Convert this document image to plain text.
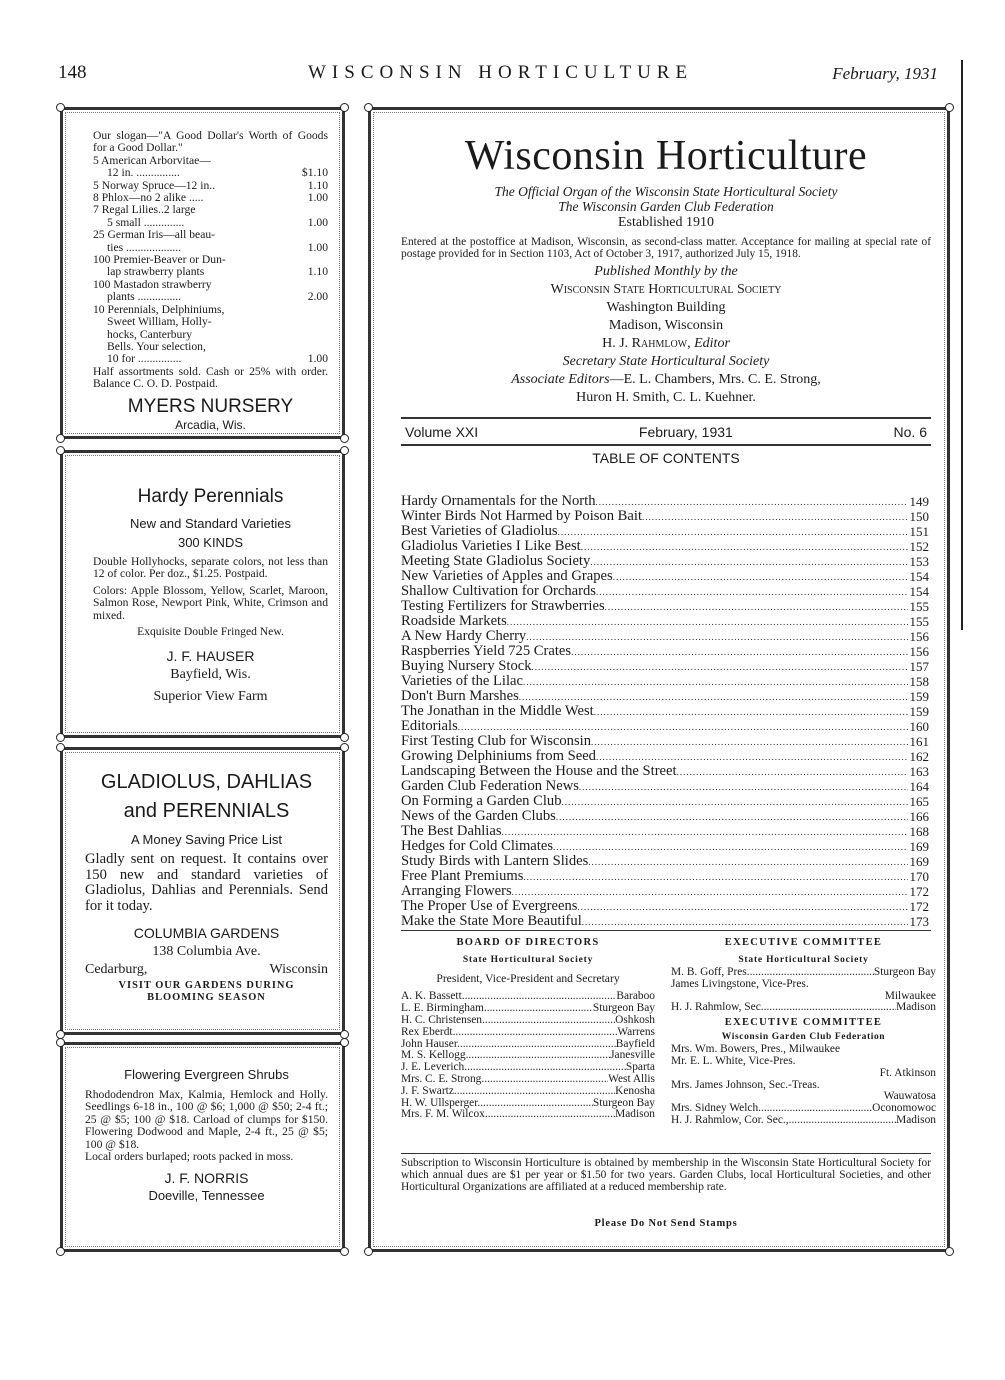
148	WISCONSIN HORTICULTURE	February, 1931
Our slogan—"A Good Dollar's Worth of Goods for a Good Dollar."
5 American Arborvitae—
12 in. ...............	$1.10
5 Norway Spruce—12 in..	1.10
8 Phlox—no 2 alike .....	1.00
7 Regal Lilies..2 large
5 small ..............	1.00
25 German Iris—all beau-
ties ...................	1.00
100 Premier-Beaver or Dun-
lap strawberry plants	1.10
100 Mastadon strawberry
plants ...............	2.00
10 Perennials, Delphiniums,
Sweet William, Holly-
hocks, Canterbury
Bells. Your selection,
10 for ...............	1.00
Half assortments sold. Cash or 25% with order. Balance C. O. D. Postpaid.
MYERS NURSERY
Arcadia, Wis.
Hardy Perennials
New and Standard Varieties
300 KINDS
Double Hollyhocks, separate colors, not less than 12 of color. Per doz., $1.25. Postpaid.
Colors: Apple Blossom, Yellow, Scarlet, Maroon, Salmon Rose, Newport Pink, White, Crimson and mixed.
Exquisite Double Fringed New.
J. F. HAUSER
Bayfield, Wis.
Superior View Farm
GLADIOLUS, DAHLIAS
and PERENNIALS
A Money Saving Price List
Gladly sent on request. It contains over 150 new and standard varieties of Gladiolus, Dahlias and Perennials. Send for it today.
COLUMBIA GARDENS
138 Columbia Ave.
Cedarburg,	Wisconsin
VISIT OUR GARDENS DURING BLOOMING SEASON
Flowering Evergreen Shrubs
Rhododendron Max, Kalmia, Hemlock and Holly. Seedlings 6-18 in., 100 @ $6; 1,000 @ $50; 2-4 ft.; 25 @ $5; 100 @ $18. Carload of clumps for $150. Flowering Dodwood and Maple, 2-4 ft., 25 @ $5; 100 @ $18.
Local orders burlaped; roots packed in moss.
J. F. NORRIS
Doeville, Tennessee
Wisconsin Horticulture
The Official Organ of the Wisconsin State Horticultural Society
The Wisconsin Garden Club Federation
Established 1910
Entered at the postoffice at Madison, Wisconsin, as second-class matter. Acceptance for mailing at special rate of postage provided for in Section 1103, Act of October 3, 1917, authorized July 15, 1918.
Published Monthly by the
Wisconsin State Horticultural Society
Washington Building
Madison, Wisconsin
H. J. Rahmlow, Editor
Secretary State Horticultural Society
Associate Editors—E. L. Chambers, Mrs. C. E. Strong,
Huron H. Smith, C. L. Kuehner.
Volume XXI	February, 1931	No. 6
TABLE OF CONTENTS
Hardy Ornamentals for the North .....	149
Winter Birds Not Harmed by Poison Bait .....	150
Best Varieties of Gladiolus .....	151
Gladiolus Varieties I Like Best .....	152
Meeting State Gladiolus Society .....	153
New Varieties of Apples and Grapes .....	154
Shallow Cultivation for Orchards .....	154
Testing Fertilizers for Strawberries .....	155
Roadside Markets .....	155
A New Hardy Cherry .....	156
Raspberries Yield 725 Crates .....	156
Buying Nursery Stock .....	157
Varieties of the Lilac .....	158
Don't Burn Marshes .....	159
The Jonathan in the Middle West .....	159
Editorials .....	160
First Testing Club for Wisconsin .....	161
Growing Delphiniums from Seed .....	162
Landscaping Between the House and the Street .....	163
Garden Club Federation News .....	164
On Forming a Garden Club .....	165
News of the Garden Clubs .....	166
The Best Dahlias .....	168
Hedges for Cold Climates .....	169
Study Birds with Lantern Slides .....	169
Free Plant Premiums .....	170
Arranging Flowers .....	172
The Proper Use of Evergreens .....	172
Make the State More Beautiful .....	173
BOARD OF DIRECTORS
State Horticultural Society
President, Vice-President and Secretary
A. K. Bassett .....	Baraboo
L. E. Birmingham .....	Sturgeon Bay
H. C. Christensen .....	Oshkosh
Rex Eberdt .....	Warrens
John Hauser .....	Bayfield
M. S. Kellogg .....	Janesville
J. E. Leverich .....	Sparta
Mrs. C. E. Strong .....	West Allis
J. F. Swartz .....	Kenosha
H. W. Ullsperger .....	Sturgeon Bay
Mrs. F. M. Wilcox .....	Madison
EXECUTIVE COMMITTEE
State Horticultural Society
M. B. Goff, Pres. .....	Sturgeon Bay
James Livingstone, Vice-Pres.
Milwaukee
H. J. Rahmlow, Sec. .....	Madison
EXECUTIVE COMMITTEE
Wisconsin Garden Club Federation
Mrs. Wm. Bowers, Pres., Milwaukee
Mr. E. L. White, Vice-Pres.
Ft. Atkinson
Mrs. James Johnson, Sec.-Treas.
Wauwatosa
Mrs. Sidney Welch .....	Oconomowoc
H. J. Rahmlow, Cor. Sec., .....	Madison
Subscription to Wisconsin Horticulture is obtained by membership in the Wisconsin State Horticultural Society for which annual dues are $1 per year or $1.50 for two years. Garden Clubs, local Horticultural Societies, and other Horticultural Organizations are affiliated at a reduced membership rate.
Please Do Not Send Stamps
